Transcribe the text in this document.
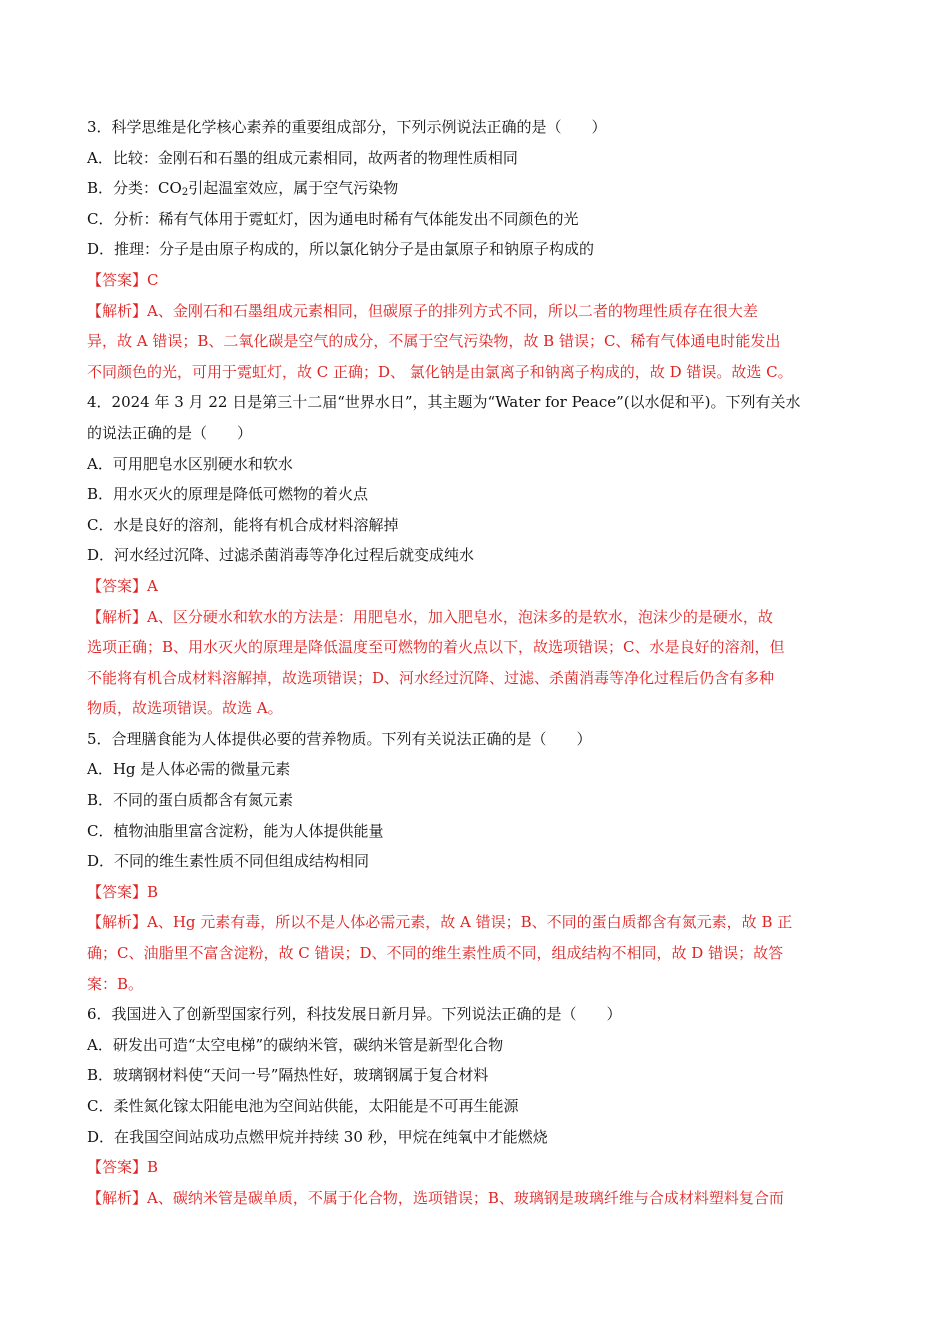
3．科学思维是化学核心素养的重要组成部分，下列示例说法正确的是（　　）
A．比较：金刚石和石墨的组成元素相同，故两者的物理性质相同
B．分类：$CO_2$引起温室效应，属于空气污染物
C．分析：稀有气体用于霓虹灯，因为通电时稀有气体能发出不同颜色的光
D．推理：分子是由原子构成的，所以氯化钠分子是由氯原子和钠原子构成的
【答案】C
【解析】A、金刚石和石墨组成元素相同，但碳原子的排列方式不同，所以二者的物理性质存在很大差
异，故 A 错误；B、二氧化碳是空气的成分，不属于空气污染物，故 B 错误；C、稀有气体通电时能发出
不同颜色的光，可用于霓虹灯，故 C 正确；D、 氯化钠是由氯离子和钠离子构成的，故 D 错误。故选 C。
4．2024 年 3 月 22 日是第三十二届“世界水日”，其主题为“Water for Peace”(以水促和平)。下列有关水
的说法正确的是（　　）
A．可用肥皂水区别硬水和软水
B．用水灭火的原理是降低可燃物的着火点
C．水是良好的溶剂，能将有机合成材料溶解掉
D．河水经过沉降、过滤杀菌消毒等净化过程后就变成纯水
【答案】A
【解析】A、区分硬水和软水的方法是：用肥皂水，加入肥皂水，泡沫多的是软水，泡沫少的是硬水，故
选项正确；B、用水灭火的原理是降低温度至可燃物的着火点以下，故选项错误；C、水是良好的溶剂，但
不能将有机合成材料溶解掉，故选项错误；D、河水经过沉降、过滤、杀菌消毒等净化过程后仍含有多种
物质，故选项错误。故选 A。
5．合理膳食能为人体提供必要的营养物质。下列有关说法正确的是（　　）
A．Hg 是人体必需的微量元素
B．不同的蛋白质都含有氮元素
C．植物油脂里富含淀粉，能为人体提供能量
D．不同的维生素性质不同但组成结构相同
【答案】B
【解析】A、Hg 元素有毒，所以不是人体必需元素，故 A 错误；B、不同的蛋白质都含有氮元素，故 B 正
确；C、油脂里不富含淀粉，故 C 错误；D、不同的维生素性质不同，组成结构不相同，故 D 错误；故答
案：B。
6．我国进入了创新型国家行列，科技发展日新月异。下列说法正确的是（　　）
A．研发出可造“太空电梯”的碳纳米管，碳纳米管是新型化合物
B．玻璃钢材料使“天问一号”隔热性好，玻璃钢属于复合材料
C．柔性氮化镓太阳能电池为空间站供能，太阳能是不可再生能源
D．在我国空间站成功点燃甲烷并持续 30 秒，甲烷在纯氧中才能燃烧
【答案】B
【解析】A、碳纳米管是碳单质，不属于化合物，选项错误；B、玻璃钢是玻璃纤维与合成材料塑料复合而
